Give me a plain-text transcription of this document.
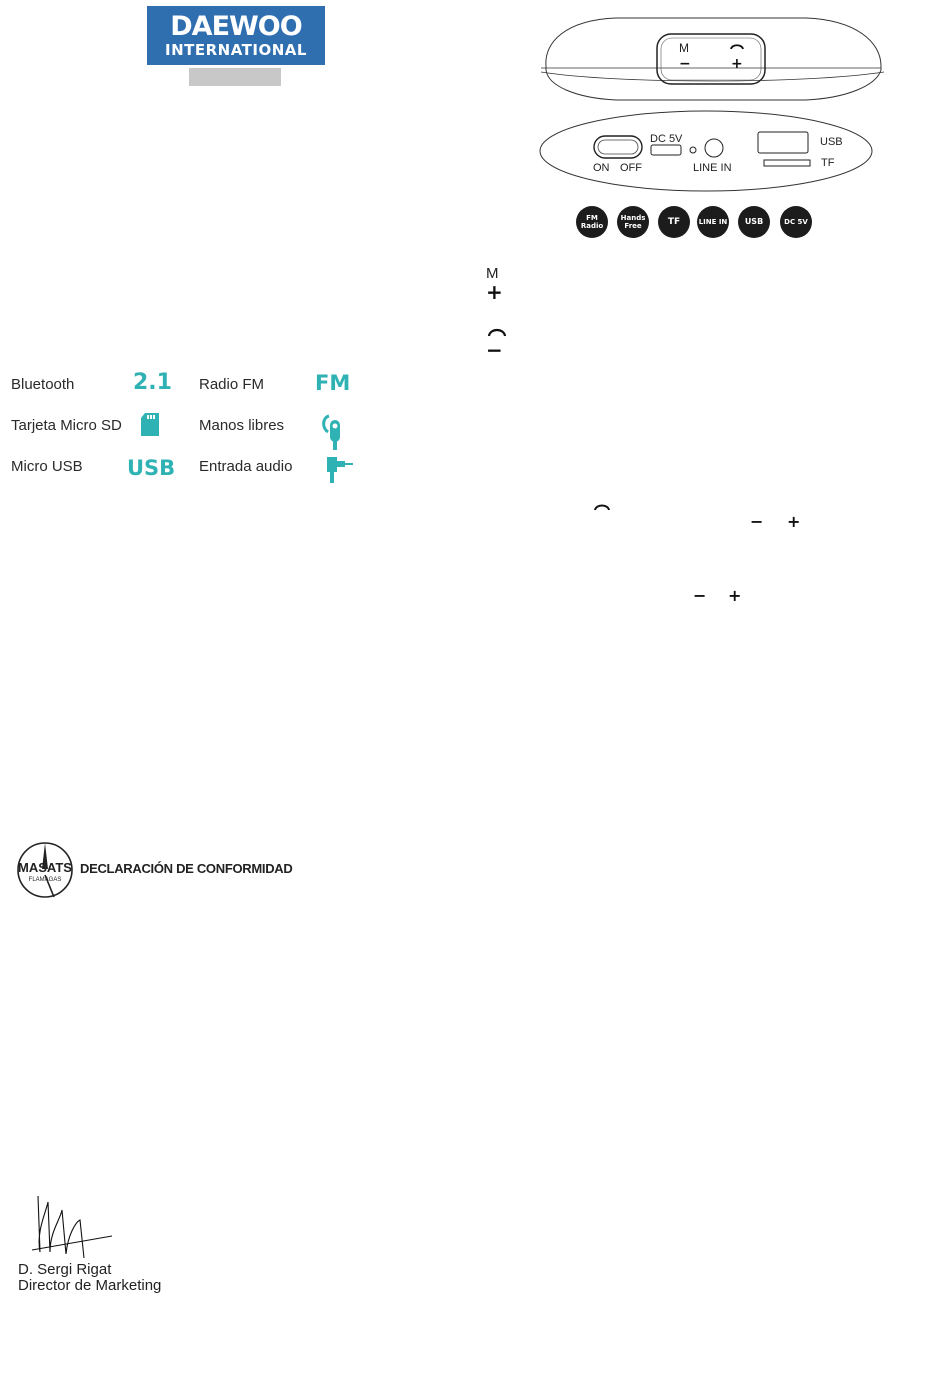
DAEWOO
INTERNATIONAL	M
−	+
ON OFF
DC 5V
LINE IN
USB
TF
FM Radio
Hands Free	TF	LINE IN	USB	DC 5V
M
+
−
Bluetooth	2.1 Radio FM FM
Tarjeta Micro SD	Manos libres
Micro USB USB Entrada audio
− +
− +
MASATS
FLAMAGAS
DECLARACIÓN DE CONFORMIDAD
D. Sergi Rigat
Director de Marketing
